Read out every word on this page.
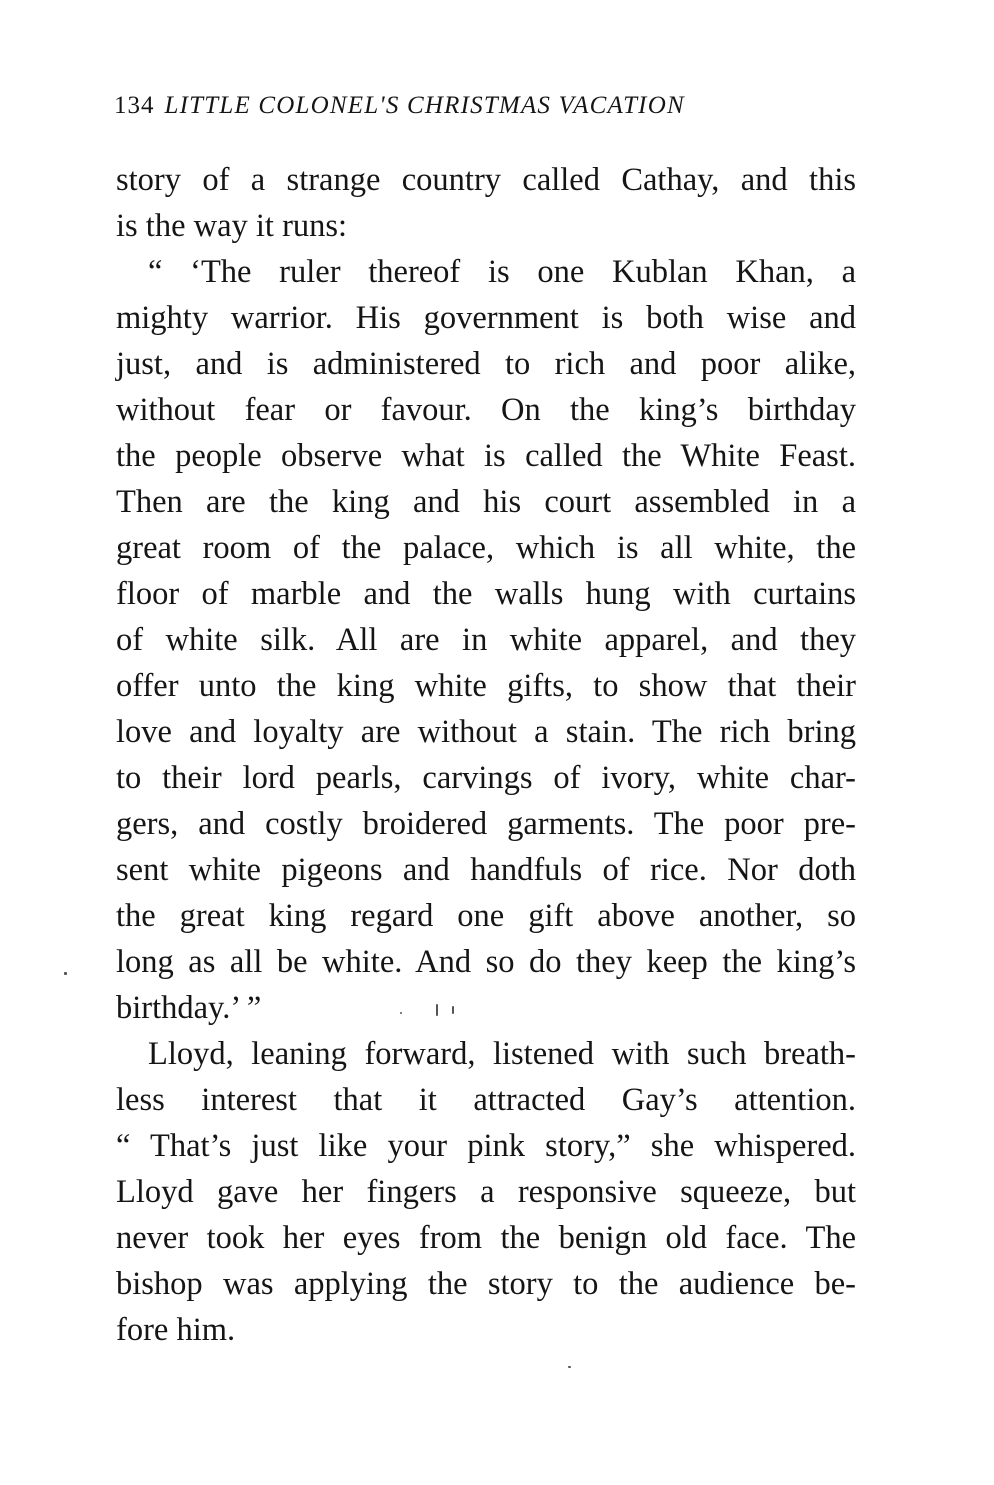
134 LITTLE COLONEL'S CHRISTMAS VACATION
story of a strange country called Cathay, and this
is the way it runs:
“ ‘The ruler thereof is one Kublan Khan, a
mighty warrior. His government is both wise and
just, and is administered to rich and poor alike,
without fear or favour. On the king’s birthday
the people observe what is called the White Feast.
Then are the king and his court assembled in a
great room of the palace, which is all white, the
floor of marble and the walls hung with curtains
of white silk. All are in white apparel, and they
offer unto the king white gifts, to show that their
love and loyalty are without a stain. The rich bring
to their lord pearls, carvings of ivory, white char-
gers, and costly broidered garments. The poor pre-
sent white pigeons and handfuls of rice. Nor doth
the great king regard one gift above another, so
long as all be white. And so do they keep the king’s
birthday.’ ”
Lloyd, leaning forward, listened with such breath-
less interest that it attracted Gay’s attention.
“ That’s just like your pink story,” she whispered.
Lloyd gave her fingers a responsive squeeze, but
never took her eyes from the benign old face. The
bishop was applying the story to the audience be-
fore him.
